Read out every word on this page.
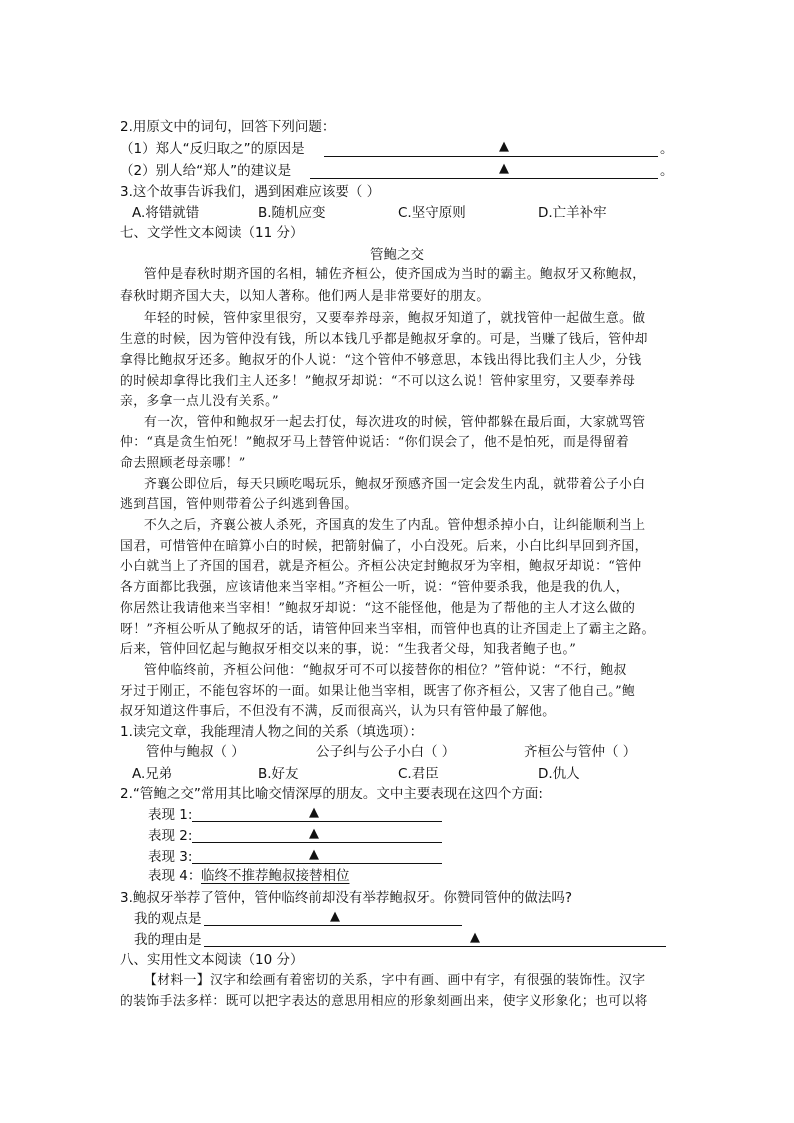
2.用原文中的词句，回答下列问题：
（1）郑人“反归取之”的原因是	▲	。
（2）别人给“郑人”的建议是	▲	。
3.这个故事告诉我们，遇到困难应该要（ ）
A.将错就错	B.随机应变	C.坚守原则	D.亡羊补牢
七、文学性文本阅读（11 分）
管鲍之交
管仲是春秋时期齐国的名相，辅佐齐桓公，使齐国成为当时的霸主。鲍叔牙又称鲍叔，
春秋时期齐国大夫，以知人著称。他们两人是非常要好的朋友。
年轻的时候，管仲家里很穷，又要奉养母亲，鲍叔牙知道了，就找管仲一起做生意。做
生意的时候，因为管仲没有钱，所以本钱几乎都是鲍叔牙拿的。可是，当赚了钱后，管仲却
拿得比鲍叔牙还多。鲍叔牙的仆人说：“这个管仲不够意思，本钱出得比我们主人少，分钱
的时候却拿得比我们主人还多！”鲍叔牙却说：“不可以这么说！管仲家里穷，又要奉养母
亲，多拿一点儿没有关系。”
有一次，管仲和鲍叔牙一起去打仗，每次进攻的时候，管仲都躲在最后面，大家就骂管
仲：“真是贪生怕死！”鲍叔牙马上替管仲说话：“你们误会了，他不是怕死，而是得留着
命去照顾老母亲哪！”
齐襄公即位后，每天只顾吃喝玩乐，鲍叔牙预感齐国一定会发生内乱，就带着公子小白
逃到莒国，管仲则带着公子纠逃到鲁国。
不久之后，齐襄公被人杀死，齐国真的发生了内乱。管仲想杀掉小白，让纠能顺利当上
国君，可惜管仲在暗算小白的时候，把箭射偏了，小白没死。后来，小白比纠早回到齐国，
小白就当上了齐国的国君，就是齐桓公。齐桓公决定封鲍叔牙为宰相，鲍叔牙却说：“管仲
各方面都比我强，应该请他来当宰相。”齐桓公一听，说：“管仲要杀我，他是我的仇人，
你居然让我请他来当宰相！”鲍叔牙却说：“这不能怪他，他是为了帮他的主人才这么做的
呀！”齐桓公听从了鲍叔牙的话，请管仲回来当宰相，而管仲也真的让齐国走上了霸主之路。
后来，管仲回忆起与鲍叔牙相交以来的事，说：“生我者父母，知我者鲍子也。”
管仲临终前，齐桓公问他：“鲍叔牙可不可以接替你的相位？”管仲说：“不行，鲍叔
牙过于刚正，不能包容坏的一面。如果让他当宰相，既害了你齐桓公，又害了他自己。”鲍
叔牙知道这件事后，不但没有不满，反而很高兴，认为只有管仲最了解他。
1.读完文章，我能理清人物之间的关系（填选项）：
管仲与鲍叔（ ）	公子纠与公子小白（ ）	齐桓公与管仲（ ）
A.兄弟	B.好友	C.君臣	D.仇人
2.“管鲍之交”常用其比喻交情深厚的朋友。文中主要表现在这四个方面:
表现 1:	▲
表现 2:	▲
表现 3:	▲
表现 4： 临终不推荐鲍叔接替相位
3.鲍叔牙举荐了管仲，管仲临终前却没有举荐鲍叔牙。你赞同管仲的做法吗?
我的观点是	▲
我的理由是	▲
八、实用性文本阅读（10 分）
【材料一】汉字和绘画有着密切的关系，字中有画、画中有字，有很强的装饰性。汉字
的装饰手法多样：既可以把字表达的意思用相应的形象刻画出来，使字义形象化；也可以将
